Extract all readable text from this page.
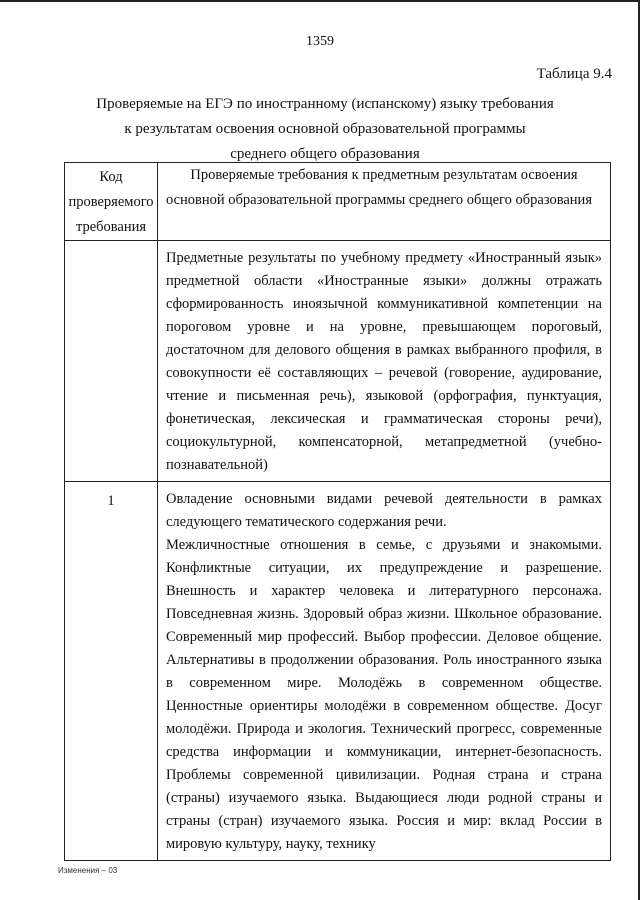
1359
Таблица 9.4
Проверяемые на ЕГЭ по иностранному (испанскому) языку требования
к результатам освоения основной образовательной программы
среднего общего образования
Код проверяемого требования	Проверяемые требования к предметным результатам освоения основной образовательной программы среднего общего образования

	Предметные результаты по учебному предмету «Иностранный язык» предметной области «Иностранные языки» должны отражать сформированность иноязычной коммуникативной компетенции на пороговом уровне и на уровне, превышающем пороговый, достаточном для делового общения в рамках выбранного профиля, в совокупности её составляющих – речевой (говорение, аудирование, чтение и письменная речь), языковой (орфография, пунктуация, фонетическая, лексическая и грамматическая стороны речи), социокультурной, компенсаторной, метапредметной (учебно-познавательной)

1	Овладение основными видами речевой деятельности в рамках следующего тематического содержания речи.

Межличностные отношения в семье, с друзьями и знакомыми. Конфликтные ситуации, их предупреждение и разрешение. Внешность и характер человека и литературного персонажа. Повседневная жизнь. Здоровый образ жизни. Школьное образование. Современный мир профессий. Выбор профессии. Деловое общение. Альтернативы в продолжении образования. Роль иностранного языка в современном мире. Молодёжь в современном обществе. Ценностные ориентиры молодёжи в современном обществе. Досуг молодёжи. Природа и экология. Технический прогресс, современные средства информации и коммуникации, интернет-безопасность. Проблемы современной цивилизации. Родная страна и страна (страны) изучаемого языка. Выдающиеся люди родной страны и страны (стран) изучаемого языка. Россия и мир: вклад России в мировую культуру, науку, технику

Изменения – 03
